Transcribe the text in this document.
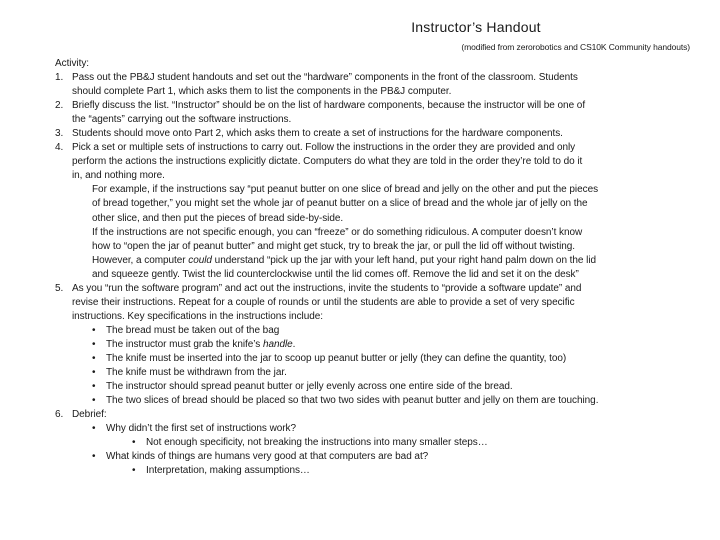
Instructor’s Handout
(modified from zerorobotics and CS10K Community handouts)
Activity:
1. Pass out the PB&J student handouts and set out the “hardware” components in the front of the classroom. Students
should complete Part 1, which asks them to list the components in the PB&J computer.
2. Briefly discuss the list. “Instructor” should be on the list of hardware components, because the instructor will be one of
the “agents” carrying out the software instructions.
3. Students should move onto Part 2, which asks them to create a set of instructions for the hardware components.
4. Pick a set or multiple sets of instructions to carry out. Follow the instructions in the order they are provided and only
perform the actions the instructions explicitly dictate. Computers do what they are told in the order they’re told to do it
in, and nothing more.
For example, if the instructions say “put peanut butter on one slice of bread and jelly on the other and put the pieces
of bread together,” you might set the whole jar of peanut butter on a slice of bread and the whole jar of jelly on the
other slice, and then put the pieces of bread side-by-side.
If the instructions are not specific enough, you can “freeze” or do something ridiculous. A computer doesn’t know
how to “open the jar of peanut butter” and might get stuck, try to break the jar, or pull the lid off without twisting.
However, a computer could understand “pick up the jar with your left hand, put your right hand palm down on the lid
and squeeze gently. Twist the lid counterclockwise until the lid comes off. Remove the lid and set it on the desk”
5. As you “run the software program” and act out the instructions, invite the students to “provide a software update” and
revise their instructions. Repeat for a couple of rounds or until the students are able to provide a set of very specific
instructions. Key specifications in the instructions include:
• The bread must be taken out of the bag
• The instructor must grab the knife’s handle.
• The knife must be inserted into the jar to scoop up peanut butter or jelly (they can define the quantity, too)
• The knife must be withdrawn from the jar.
• The instructor should spread peanut butter or jelly evenly across one entire side of the bread.
• The two slices of bread should be placed so that two two sides with peanut butter and jelly on them are touching.
6. Debrief:
• Why didn’t the first set of instructions work?
• Not enough specificity, not breaking the instructions into many smaller steps…
• What kinds of things are humans very good at that computers are bad at?
• Interpretation, making assumptions…
